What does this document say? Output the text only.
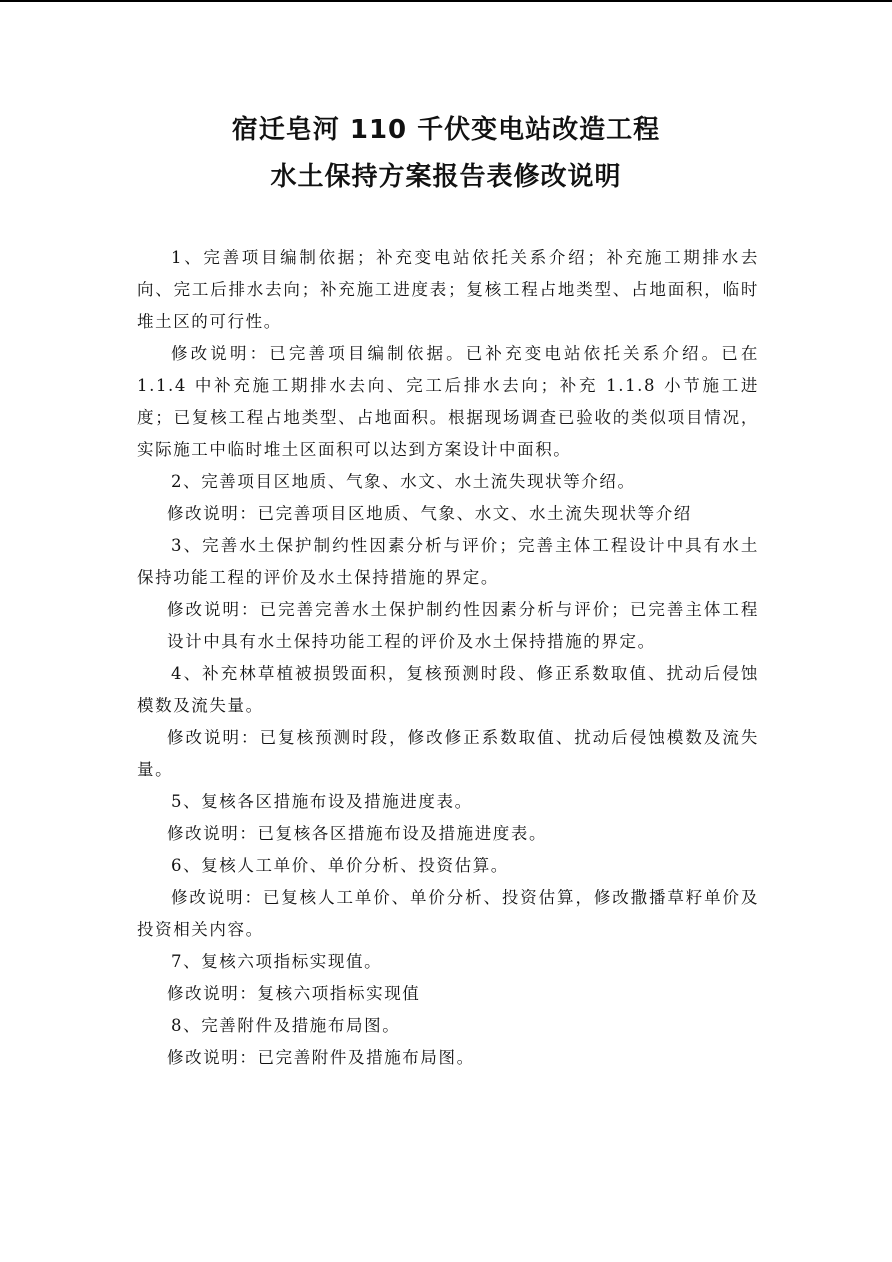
宿迁皂河 110 千伏变电站改造工程
水土保持方案报告表修改说明

1、完善项目编制依据；补充变电站依托关系介绍；补充施工期排水去向、完工后排水去向；补充施工进度表；复核工程占地类型、占地面积，临时堆土区的可行性。

修改说明：已完善项目编制依据。已补充变电站依托关系介绍。已在 1.1.4 中补充施工期排水去向、完工后排水去向；补充 1.1.8 小节施工进度；已复核工程占地类型、占地面积。根据现场调查已验收的类似项目情况，实际施工中临时堆土区面积可以达到方案设计中面积。

2、完善项目区地质、气象、水文、水土流失现状等介绍。

修改说明：已完善项目区地质、气象、水文、水土流失现状等介绍

3、完善水土保护制约性因素分析与评价；完善主体工程设计中具有水土保持功能工程的评价及水土保持措施的界定。

修改说明：已完善完善水土保护制约性因素分析与评价；已完善主体工程设计中具有水土保持功能工程的评价及水土保持措施的界定。

4、补充林草植被损毁面积，复核预测时段、修正系数取值、扰动后侵蚀模数及流失量。

修改说明：已复核预测时段，修改修正系数取值、扰动后侵蚀模数及流失量。

5、复核各区措施布设及措施进度表。

修改说明：已复核各区措施布设及措施进度表。

6、复核人工单价、单价分析、投资估算。

修改说明：已复核人工单价、单价分析、投资估算，修改撒播草籽单价及投资相关内容。

7、复核六项指标实现值。

修改说明：复核六项指标实现值

8、完善附件及措施布局图。

修改说明：已完善附件及措施布局图。
